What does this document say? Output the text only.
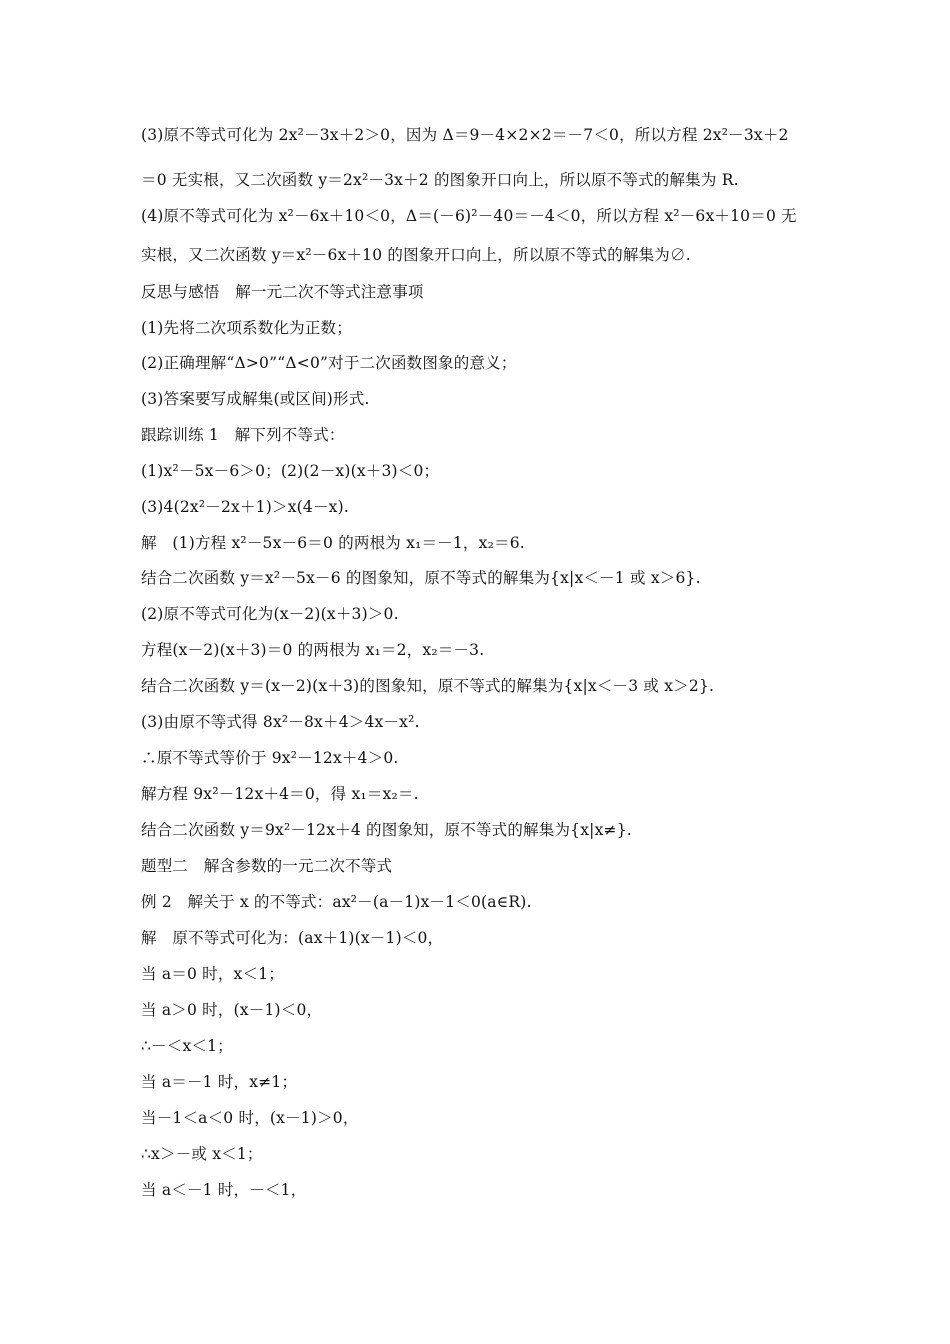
(3)原不等式可化为 2x²－3x＋2＞0，因为 Δ＝9－4×2×2＝－7＜0，所以方程 2x²－3x＋2
＝0 无实根，又二次函数 y＝2x²－3x＋2 的图象开口向上，所以原不等式的解集为 R.
(4)原不等式可化为 x²－6x＋10＜0，Δ＝(－6)²－40＝－4＜0，所以方程 x²－6x＋10＝0 无
实根，又二次函数 y＝x²－6x＋10 的图象开口向上，所以原不等式的解集为∅.
反思与感悟　解一元二次不等式注意事项
(1)先将二次项系数化为正数；
(2)正确理解“Δ>0”“Δ<0”对于二次函数图象的意义；
(3)答案要写成解集(或区间)形式.
跟踪训练 1　解下列不等式：
(1)x²－5x－6＞0；(2)(2－x)(x＋3)＜0；
(3)4(2x²－2x＋1)＞x(4－x).
解　(1)方程 x²－5x－6＝0 的两根为 x₁＝－1，x₂＝6.
结合二次函数 y＝x²－5x－6 的图象知，原不等式的解集为{x|x＜－1 或 x＞6}.
(2)原不等式可化为(x－2)(x＋3)＞0.
方程(x－2)(x＋3)＝0 的两根为 x₁＝2，x₂＝－3.
结合二次函数 y＝(x－2)(x＋3)的图象知，原不等式的解集为{x|x＜－3 或 x＞2}.
(3)由原不等式得 8x²－8x＋4＞4x－x².
∴原不等式等价于 9x²－12x＋4＞0.
解方程 9x²－12x＋4＝0，得 x₁＝x₂＝.
结合二次函数 y＝9x²－12x＋4 的图象知，原不等式的解集为{x|x≠}.
题型二　解含参数的一元二次不等式
例 2　解关于 x 的不等式：ax²－(a－1)x－1＜0(a∈R).
解　原不等式可化为：(ax＋1)(x－1)＜0，
当 a＝0 时，x＜1；
当 a＞0 时，(x－1)＜0，
∴－＜x＜1；
当 a＝－1 时，x≠1；
当－1＜a＜0 时，(x－1)＞0，
∴x＞－或 x＜1；
当 a＜－1 时，－＜1，
